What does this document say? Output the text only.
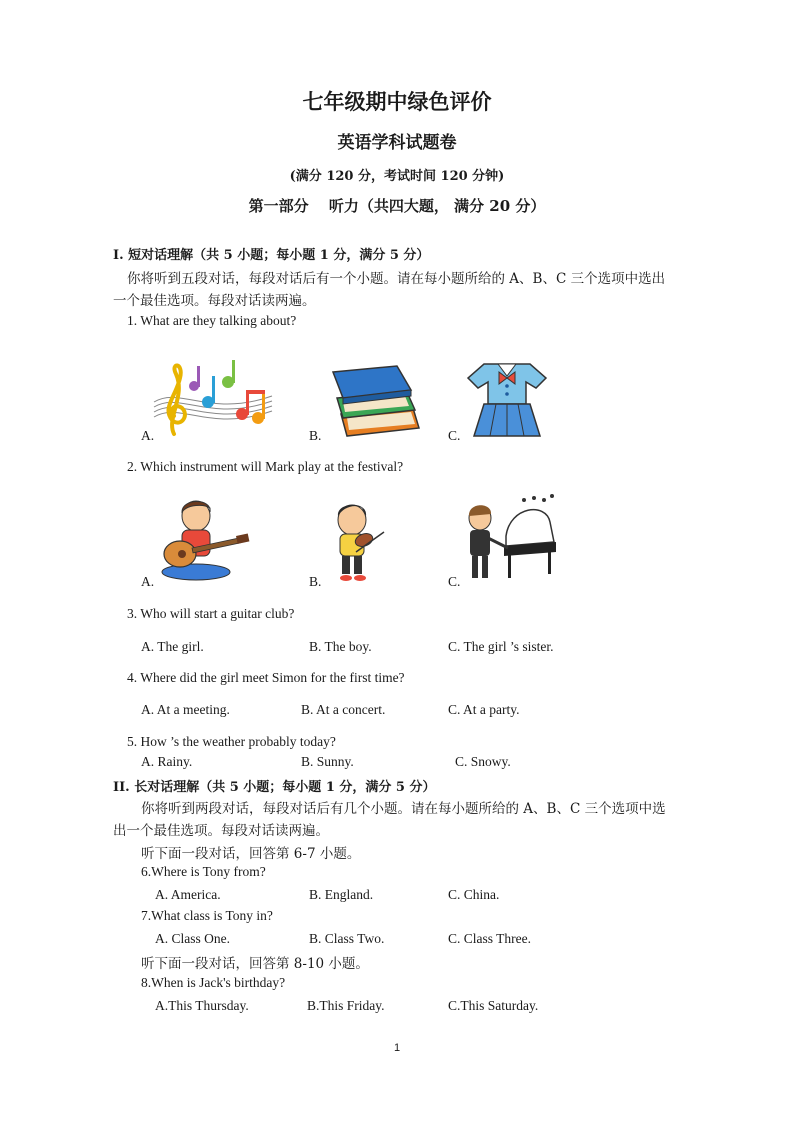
七年级期中绿色评价
英语学科试题卷
(满分 120 分，考试时间 120 分钟)
第一部分　 听力（共四大题， 满分 20 分）
I. 短对话理解（共 5 小题；每小题 1 分，满分 5 分）
你将听到五段对话，每段对话后有一个小题。请在每小题所给的 A、B、C 三个选项中选出
一个最佳选项。每段对话读两遍。
1. What are they talking about?
A.	B.	C.
2. Which instrument will Mark play at the festival?
A.	B.	C.
3. Who will start a guitar club?
A. The girl.	B. The boy.	C. The girl ’s sister.
4. Where did the girl meet Simon for the first time?
A. At a meeting.	B. At a concert.	C. At a party.
5. How ’s the weather probably today?
A. Rainy.	B. Sunny.	C. Snowy.
II. 长对话理解（共 5 小题；每小题 1 分，满分 5 分）
你将听到两段对话，每段对话后有几个小题。请在每小题所给的 A、B、C 三个选项中选
出一个最佳选项。每段对话读两遍。
听下面一段对话，回答第 6-7 小题。
6.Where is Tony from?
A. America.	B. England.	C. China.
7.What class is Tony in?
A. Class One.	B. Class Two.	C. Class Three.
听下面一段对话，回答第 8-10 小题。
8.When is Jack's birthday?
A.This Thursday.	B.This Friday.	C.This Saturday.
1
